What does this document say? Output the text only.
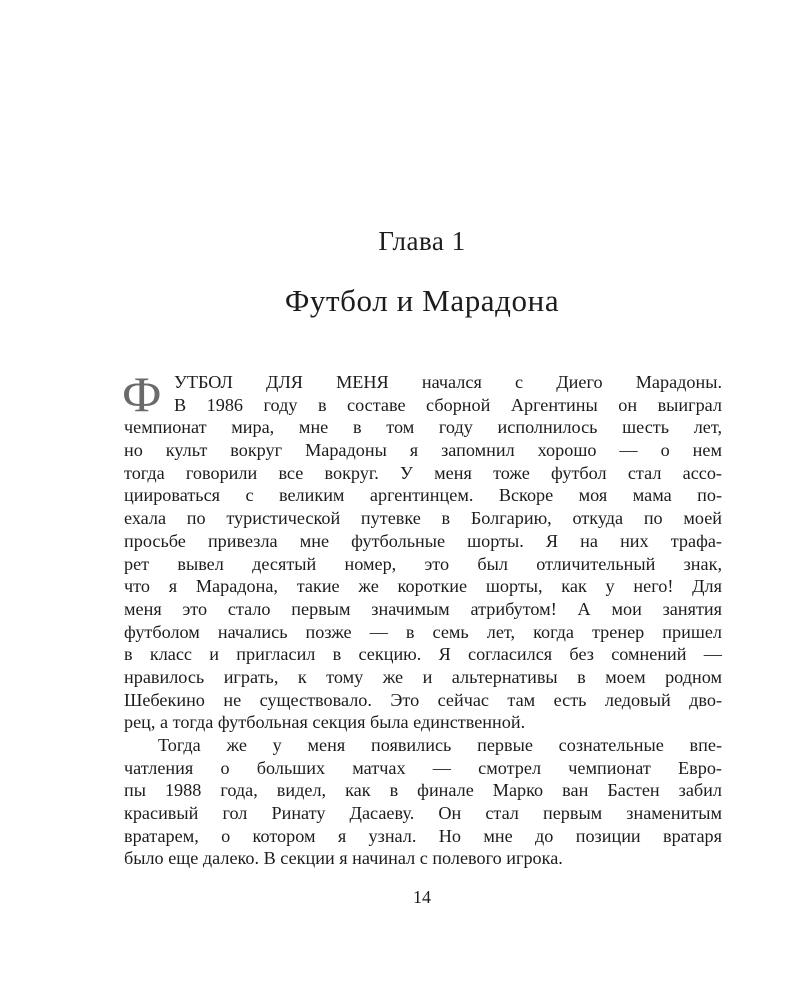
Глава 1
Футбол и Марадона
Ф УТБОЛ ДЛЯ МЕНЯ начался с Диего Марадоны.
В 1986 году в составе сборной Аргентины он выиграл
чемпионат мира, мне в том году исполнилось шесть лет,
но культ вокруг Марадоны я запомнил хорошо — о нем
тогда говорили все вокруг. У меня тоже футбол стал ассо-
циироваться с великим аргентинцем. Вскоре моя мама по-
ехала по туристической путевке в Болгарию, откуда по моей
просьбе привезла мне футбольные шорты. Я на них трафа-
рет вывел десятый номер, это был отличительный знак,
что я Марадона, такие же короткие шорты, как у него! Для
меня это стало первым значимым атрибутом! А мои занятия
футболом начались позже — в семь лет, когда тренер пришел
в класс и пригласил в секцию. Я согласился без сомнений —
нравилось играть, к тому же и альтернативы в моем родном
Шебекино не существовало. Это сейчас там есть ледовый дво-
рец, а тогда футбольная секция была единственной.
Тогда же у меня появились первые сознательные впе-
чатления о больших матчах — смотрел чемпионат Евро-
пы 1988 года, видел, как в финале Марко ван Бастен забил
красивый гол Ринату Дасаеву. Он стал первым знаменитым
вратарем, о котором я узнал. Но мне до позиции вратаря
было еще далеко. В секции я начинал с полевого игрока.
14
